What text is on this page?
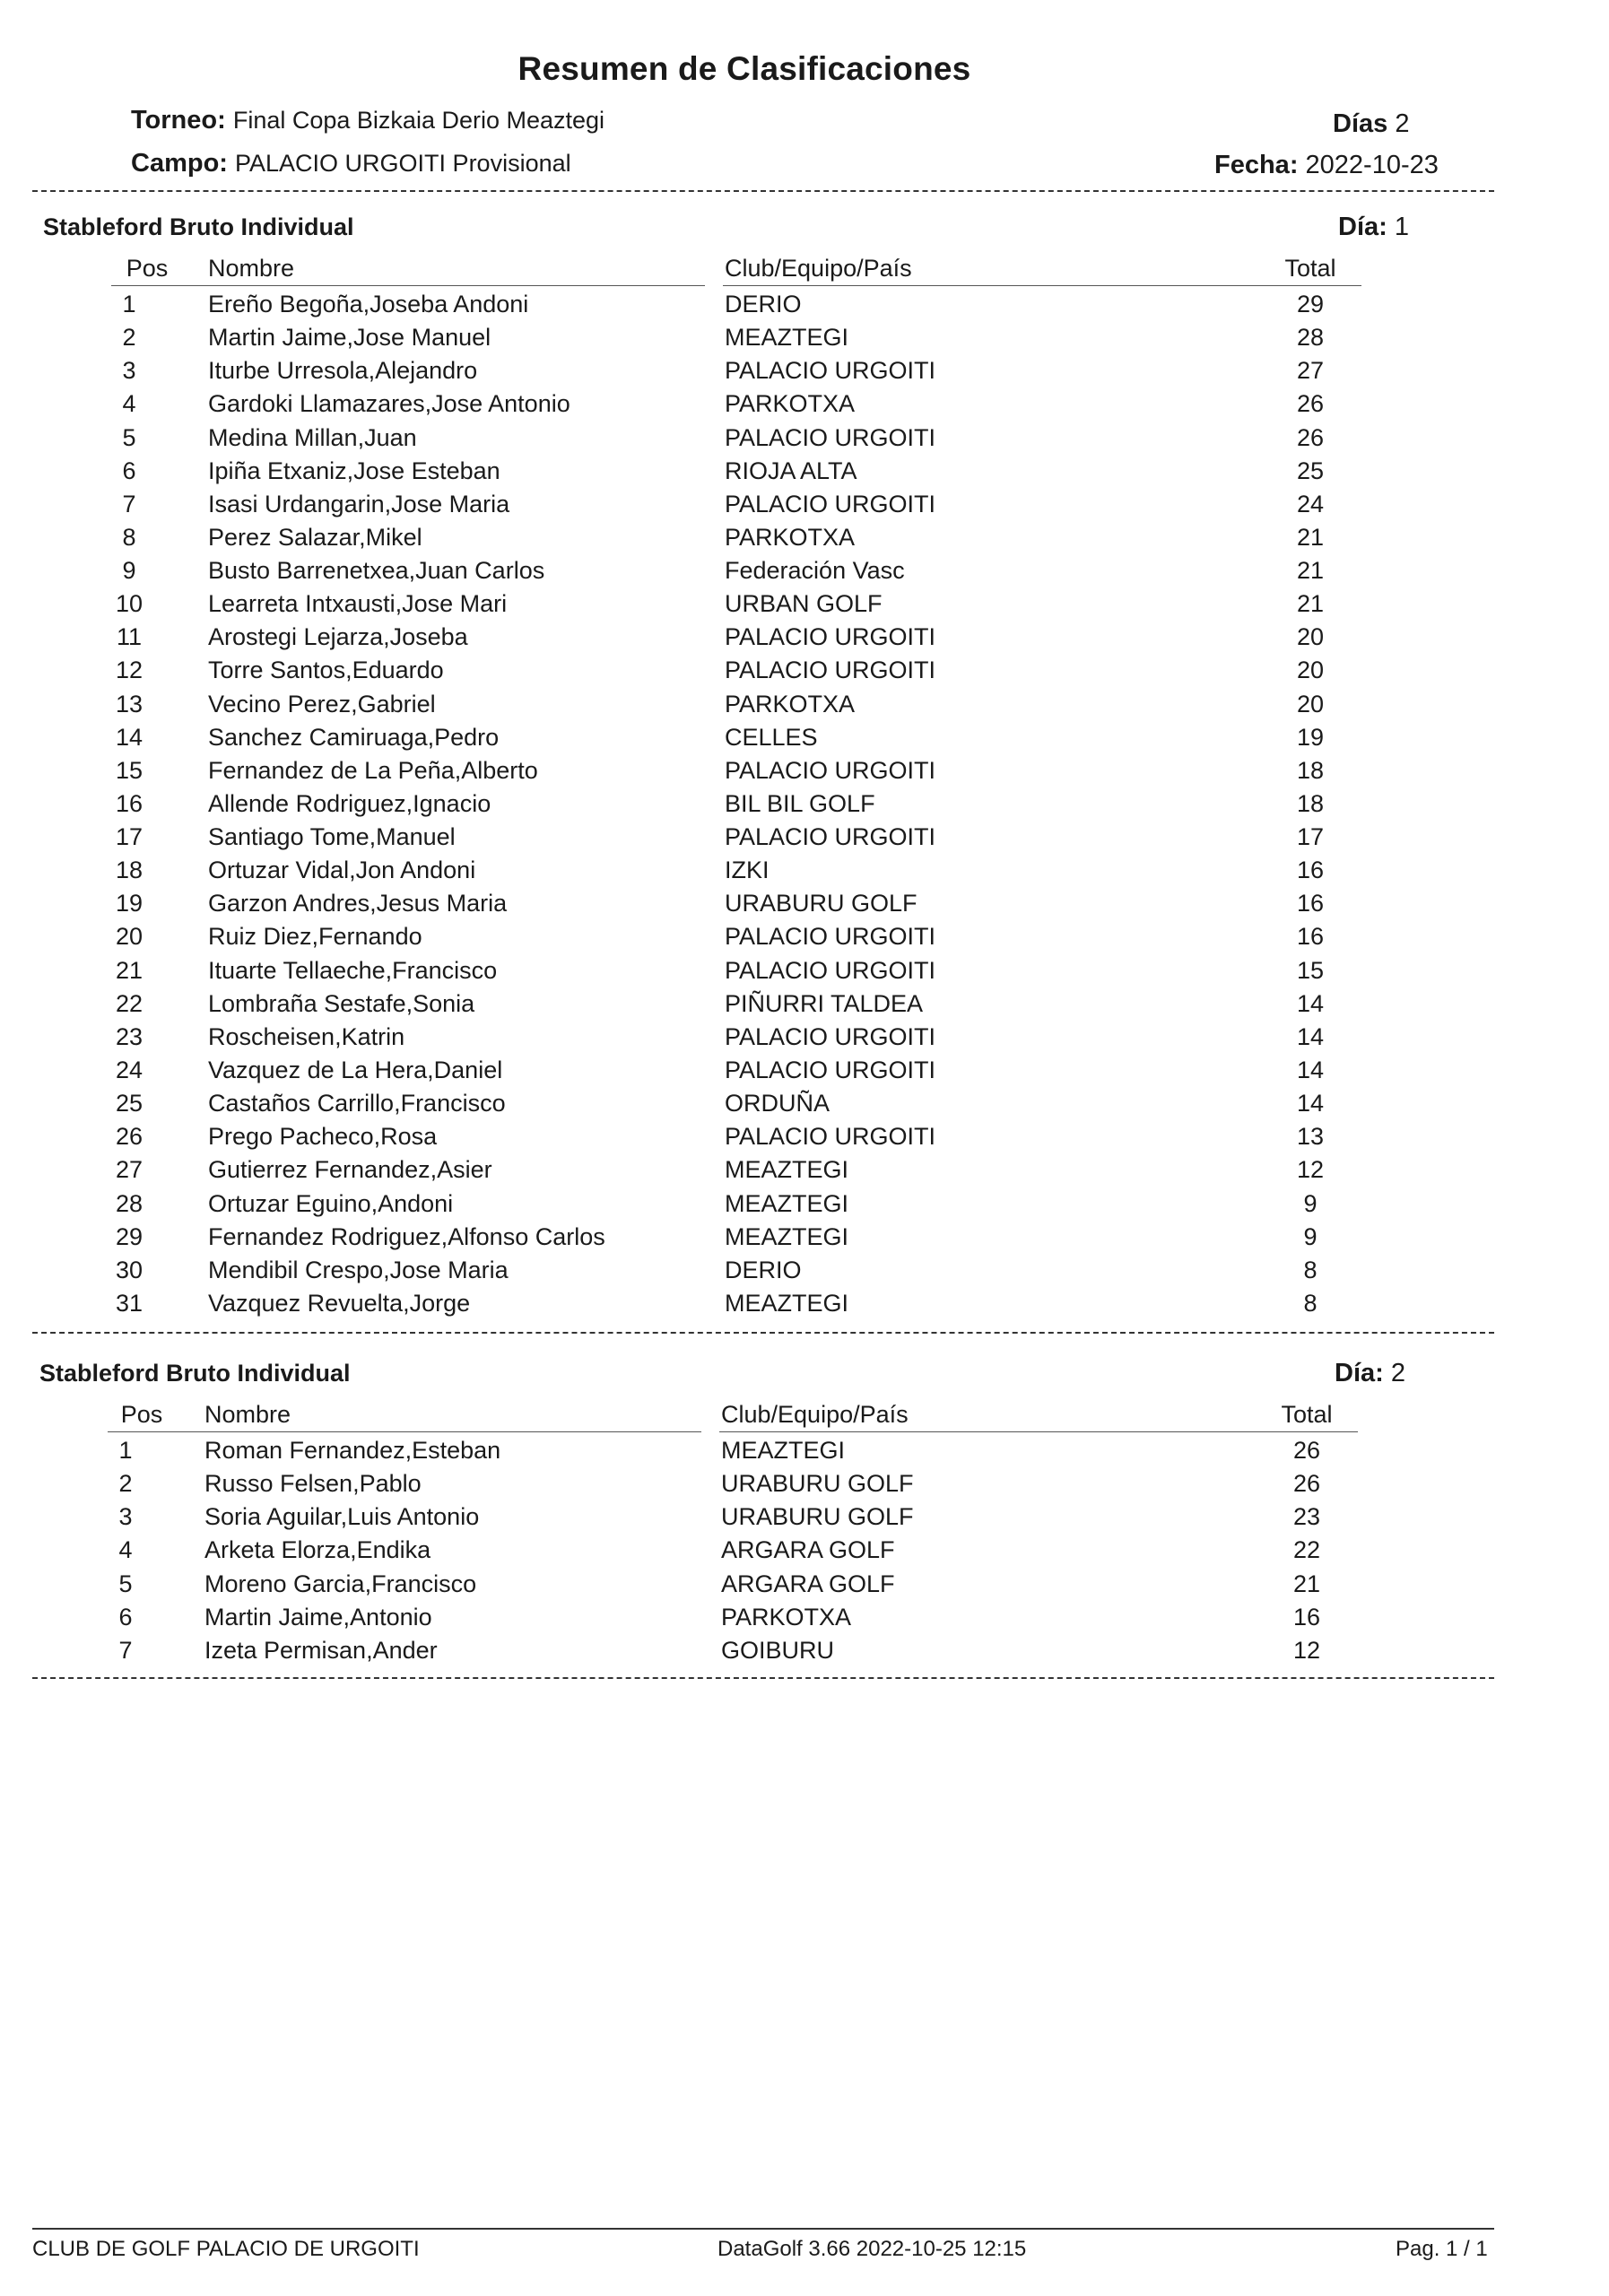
Resumen de Clasificaciones
Torneo: Final Copa Bizkaia Derio Meaztegi
Campo: PALACIO URGOITI Provisional
Días 2
Fecha: 2022-10-23
Stableford Bruto Individual	Día: 1
Pos Nombre	Club/Equipo/País	Total
1	Ereño Begoña,Joseba Andoni	DERIO	29
2	Martin Jaime,Jose Manuel	MEAZTEGI	28
3	Iturbe Urresola,Alejandro	PALACIO URGOITI	27
4	Gardoki Llamazares,Jose Antonio	PARKOTXA	26
5	Medina Millan,Juan	PALACIO URGOITI	26
6	Ipiña Etxaniz,Jose Esteban	RIOJA ALTA	25
7	Isasi Urdangarin,Jose Maria	PALACIO URGOITI	24
8	Perez Salazar,Mikel	PARKOTXA	21
9	Busto Barrenetxea,Juan Carlos	Federación Vasc	21
10	Learreta Intxausti,Jose Mari	URBAN GOLF	21
11	Arostegi Lejarza,Joseba	PALACIO URGOITI	20
12	Torre Santos,Eduardo	PALACIO URGOITI	20
13	Vecino Perez,Gabriel	PARKOTXA	20
14	Sanchez Camiruaga,Pedro	CELLES	19
15	Fernandez de La Peña,Alberto	PALACIO URGOITI	18
16	Allende Rodriguez,Ignacio	BIL BIL GOLF	18
17	Santiago Tome,Manuel	PALACIO URGOITI	17
18	Ortuzar Vidal,Jon Andoni	IZKI	16
19	Garzon Andres,Jesus Maria	URABURU GOLF	16
20	Ruiz Diez,Fernando	PALACIO URGOITI	16
21	Ituarte Tellaeche,Francisco	PALACIO URGOITI	15
22	Lombraña Sestafe,Sonia	PIÑURRI TALDEA	14
23	Roscheisen,Katrin	PALACIO URGOITI	14
24	Vazquez de La Hera,Daniel	PALACIO URGOITI	14
25	Castaños Carrillo,Francisco	ORDUÑA	14
26	Prego Pacheco,Rosa	PALACIO URGOITI	13
27	Gutierrez Fernandez,Asier	MEAZTEGI	12
28	Ortuzar Eguino,Andoni	MEAZTEGI	9
29	Fernandez Rodriguez,Alfonso Carlos	MEAZTEGI	9
30	Mendibil Crespo,Jose Maria	DERIO	8
31	Vazquez Revuelta,Jorge	MEAZTEGI	8
Stableford Bruto Individual	Día: 2
Pos Nombre	Club/Equipo/País	Total
1	Roman Fernandez,Esteban	MEAZTEGI	26
2	Russo Felsen,Pablo	URABURU GOLF	26
3	Soria Aguilar,Luis Antonio	URABURU GOLF	23
4	Arketa Elorza,Endika	ARGARA GOLF	22
5	Moreno Garcia,Francisco	ARGARA GOLF	21
6	Martin Jaime,Antonio	PARKOTXA	16
7	Izeta Permisan,Ander	GOIBURU	12
CLUB DE GOLF PALACIO DE URGOITI	DataGolf 3.66 2022-10-25 12:15	Pag. 1 / 1
